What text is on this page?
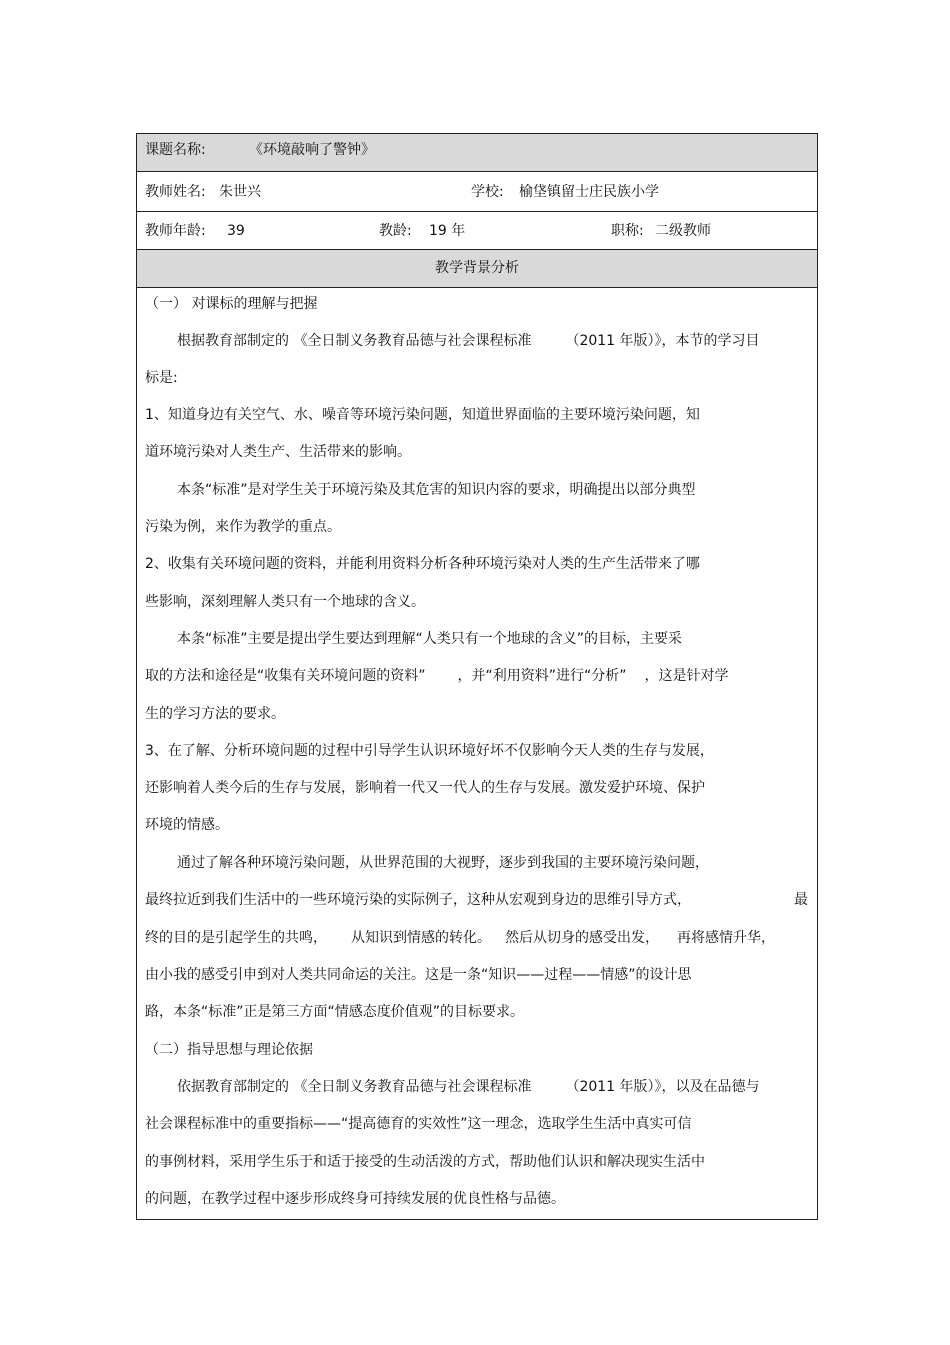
课题名称:	《环境敲响了警钟》
教师姓名: 朱世兴	学校: 榆垡镇留士庄民族小学
教师年龄: 39	教龄: 19 年	职称: 二级教师
教学背景分析
（一） 对课标的理解与把握
根据教育部制定的 《全日制义务教育品德与社会课程标准 （2011 年版）》，本节的学习目
标是:
1、知道身边有关空气、水、噪音等环境污染问题，知道世界面临的主要环境污染问题，知
道环境污染对人类生产、生活带来的影响。
本条“标准”是对学生关于环境污染及其危害的知识内容的要求，明确提出以部分典型
污染为例，来作为教学的重点。
2、收集有关环境问题的资料，并能利用资料分析各种环境污染对人类的生产生活带来了哪
些影响，深刻理解人类只有一个地球的含义。
本条“标准”主要是提出学生要达到理解“人类只有一个地球的含义”的目标，主要采
取的方法和途径是“收集有关环境问题的资料” ，并“利用资料”进行“分析” ，这是针对学
生的学习方法的要求。
3、在了解、分析环境问题的过程中引导学生认识环境好坏不仅影响今天人类的生存与发展，
还影响着人类今后的生存与发展，影响着一代又一代人的生存与发展。激发爱护环境、保护
环境的情感。
通过了解各种环境污染问题，从世界范围的大视野，逐步到我国的主要环境污染问题，
最终拉近到我们生活中的一些环境污染的实际例子，这种从宏观到身边的思维引导方式，	最
终的目的是引起学生的共鸣， 从知识到情感的转化。 然后从切身的感受出发， 再将感情升华，
由小我的感受引申到对人类共同命运的关注。这是一条“知识——过程——情感”的设计思
路，本条“标准”正是第三方面“情感态度价值观”的目标要求。
（二）指导思想与理论依据
依据教育部制定的 《全日制义务教育品德与社会课程标准 （2011 年版）》，以及在品德与
社会课程标准中的重要指标——“提高德育的实效性”这一理念，选取学生生活中真实可信
的事例材料，采用学生乐于和适于接受的生动活泼的方式，帮助他们认识和解决现实生活中
的问题，在教学过程中逐步形成终身可持续发展的优良性格与品德。
